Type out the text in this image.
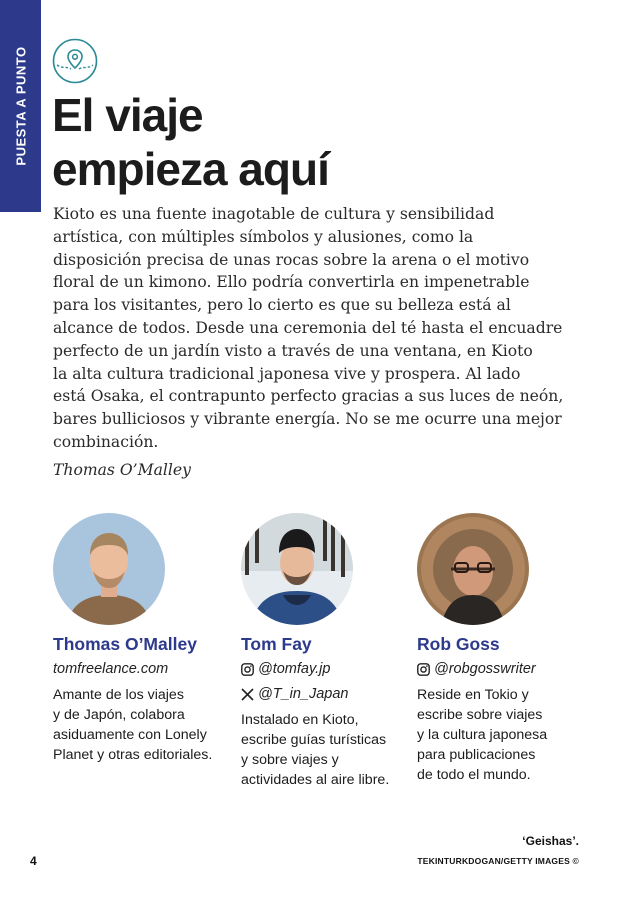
PUESTA A PUNTO El viaje
empieza aquí
Kioto es una fuente inagotable de cultura y sensibilidad
artística, con múltiples símbolos y alusiones, como la
disposición precisa de unas rocas sobre la arena o el motivo
floral de un kimono. Ello podría convertirla en impenetrable
para los visitantes, pero lo cierto es que su belleza está al
alcance de todos. Desde una ceremonia del té hasta el encuadre
perfecto de un jardín visto a través de una ventana, en Kioto
la alta cultura tradicional japonesa vive y prospera. Al lado
está Osaka, el contrapunto perfecto gracias a sus luces de neón,
bares bulliciosos y vibrante energía. No se me ocurre una mejor
combinación.
Thomas O’Malley
Thomas O’Malley
tomfreelance.com
Amante de los viajes
y de Japón, colabora
asiduamente con Lonely
Planet y otras editoriales.
Tom Fay
@tomfay.jp
@T_in_Japan
Instalado en Kioto,
escribe guías turísticas
y sobre viajes y
actividades al aire libre.
Rob Goss
@robgosswriter
Reside en Tokio y
escribe sobre viajes
y la cultura japonesa
para publicaciones
de todo el mundo.
‘Geishas’.
4	TEKINTURKDOGAN/GETTY IMAGES ©
